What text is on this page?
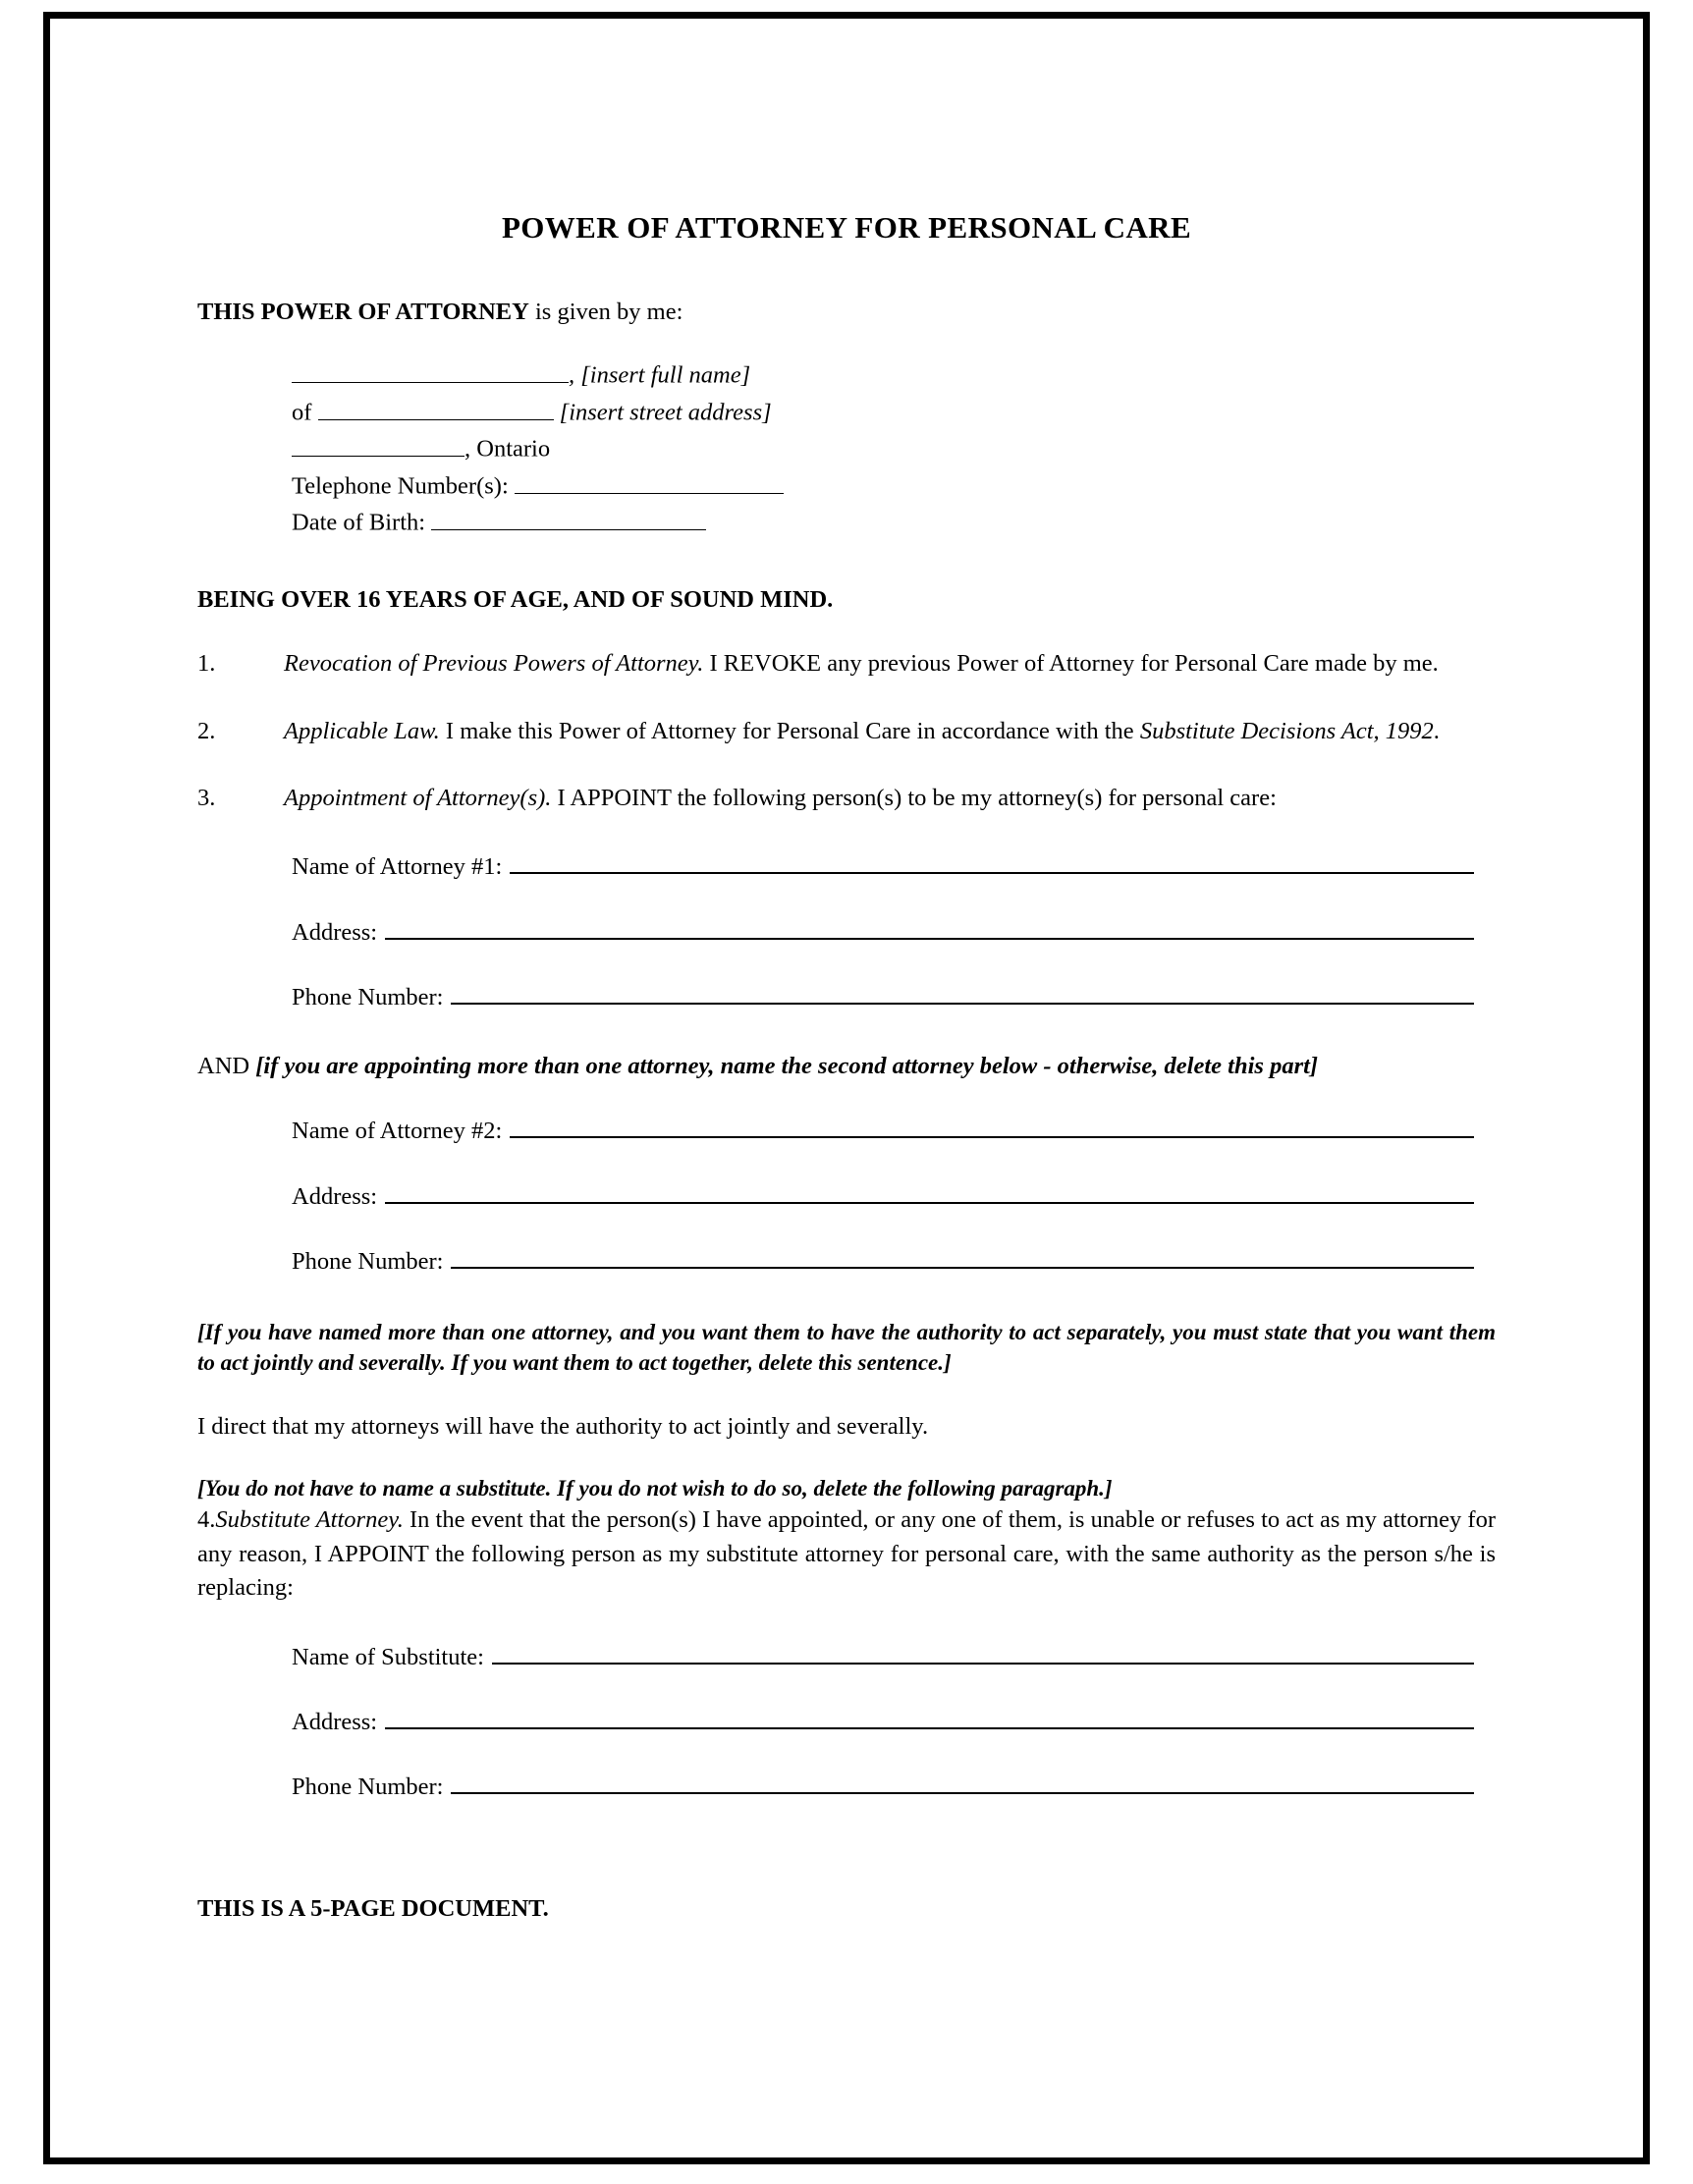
POWER OF ATTORNEY FOR PERSONAL CARE
THIS POWER OF ATTORNEY is given by me:
, [insert full name]
of	[insert street address]
, Ontario
Telephone Number(s):
Date of Birth:
BEING OVER 16 YEARS OF AGE, AND OF SOUND MIND.
1.	Revocation of Previous Powers of Attorney. I REVOKE any previous Power of Attorney for Personal Care made by me.
2.	Applicable Law. I make this Power of Attorney for Personal Care in accordance with the Substitute Decisions Act, 1992.
3.	Appointment of Attorney(s). I APPOINT the following person(s) to be my attorney(s) for personal care:
Name of Attorney #1:
Address:
Phone Number:
AND [if you are appointing more than one attorney, name the second attorney below - otherwise, delete this part]
Name of Attorney #2:
Address:
Phone Number:
[If you have named more than one attorney, and you want them to have the authority to act separately, you must state that you want them to act jointly and severally. If you want them to act together, delete this sentence.]
I direct that my attorneys will have the authority to act jointly and severally.
[You do not have to name a substitute. If you do not wish to do so, delete the following paragraph.]
4.Substitute Attorney. In the event that the person(s) I have appointed, or any one of them, is unable or refuses to act as my attorney for any reason, I APPOINT the following person as my substitute attorney for personal care, with the same authority as the person s/he is replacing:
Name of Substitute:
Address:
Phone Number:
THIS IS A 5-PAGE DOCUMENT.
